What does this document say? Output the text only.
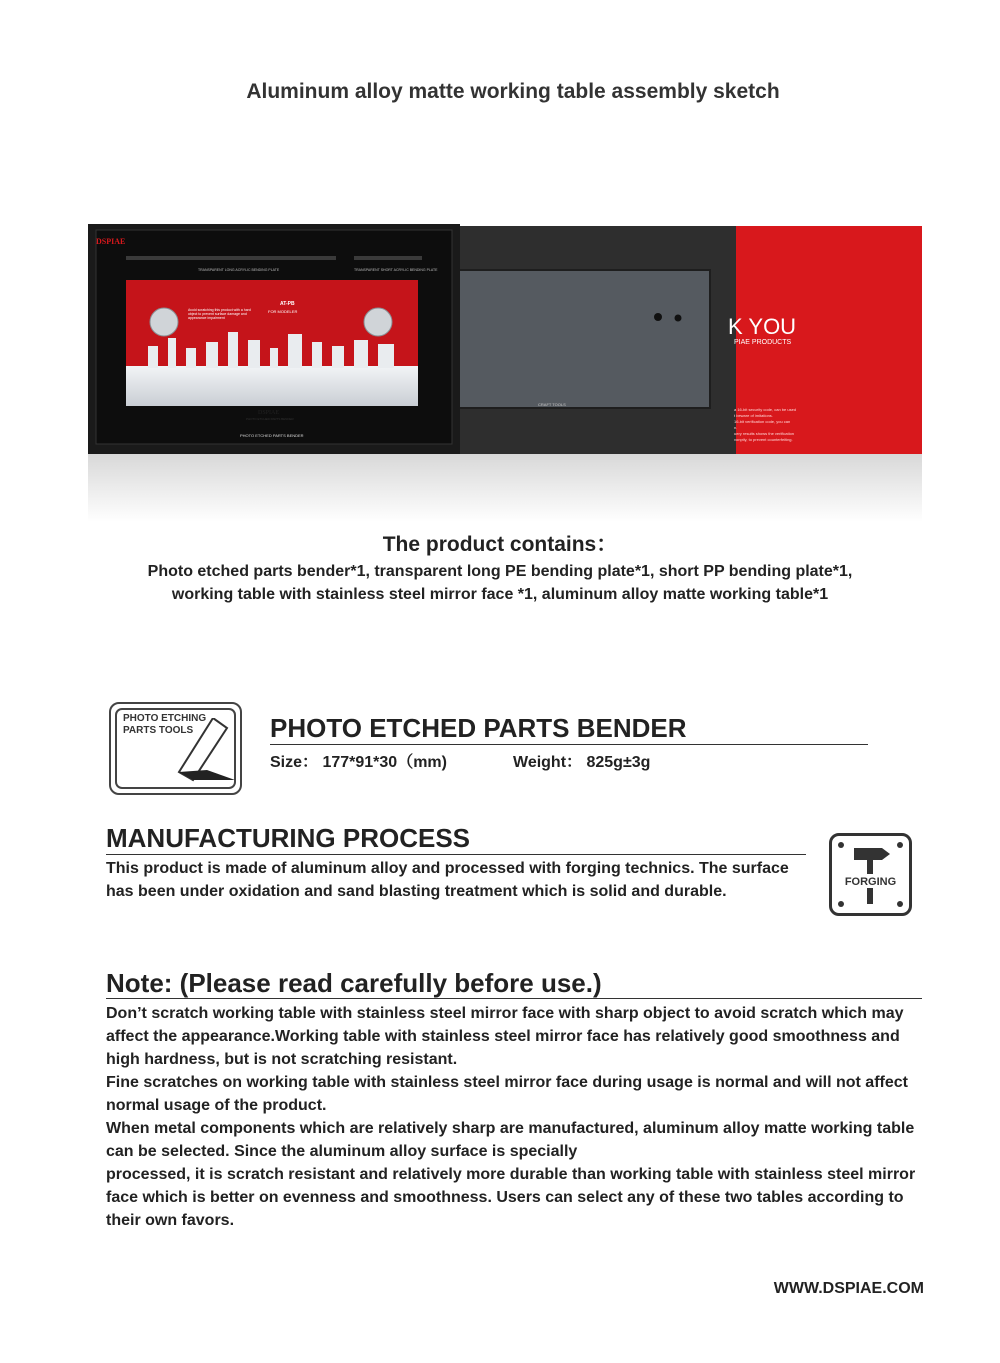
Aluminum alloy matte working table assembly sketch
DSPIAE
TRANSPARENT LONG ACRYLIC BENDING PLATE	TRANSPARENT SHORT ACRYLIC BENDING PLATE
AT-PB
FOR MODELER
Avoid scratching this product with a hard object to prevent surface damage and appearance impairment
DSPIAE
PHOTO ETCHED PARTS BENDER
PHOTO ETCHED PARTS BENDER
CRAFT TOOLS
K YOU
PIAE PRODUCTS
a 16-bit security code, can be used
t beware of imitations.
16-bit verification code, you can
n.
uery results shows the verification
vonptly, to prevent counterfeiting.
The product contains：
Photo etched parts bender*1, transparent long PE bending plate*1, short PP bending plate*1,
working table with stainless steel mirror face *1, aluminum alloy matte working table*1
PHOTO ETCHING
PARTS TOOLS	PHOTO ETCHED PARTS BENDER
Size： 177*91*30（mm)	Weight： 825g±3g
MANUFACTURING PROCESS
This product is made of aluminum alloy and processed with forging technics. The surface has been under oxidation and sand blasting treatment which is solid and durable.
FORGING
Note: (Please read carefully before use.)

Don’t scratch working table with stainless steel mirror face with sharp object to avoid scratch which may affect the appearance.Working table with stainless steel mirror face has relatively good smoothness and high hardness, but is not scratching resistant.

Fine scratches on working table with stainless steel mirror face during usage is normal and will not affect normal usage of the product.

When metal components which are relatively sharp are manufactured, aluminum alloy matte working table can be selected. Since the aluminum alloy surface is specially

processed, it is scratch resistant and relatively more durable than working table with stainless steel mirror face which is better on evenness and smoothness. Users can select any of these two tables according to their own favors.

WWW.DSPIAE.COM
